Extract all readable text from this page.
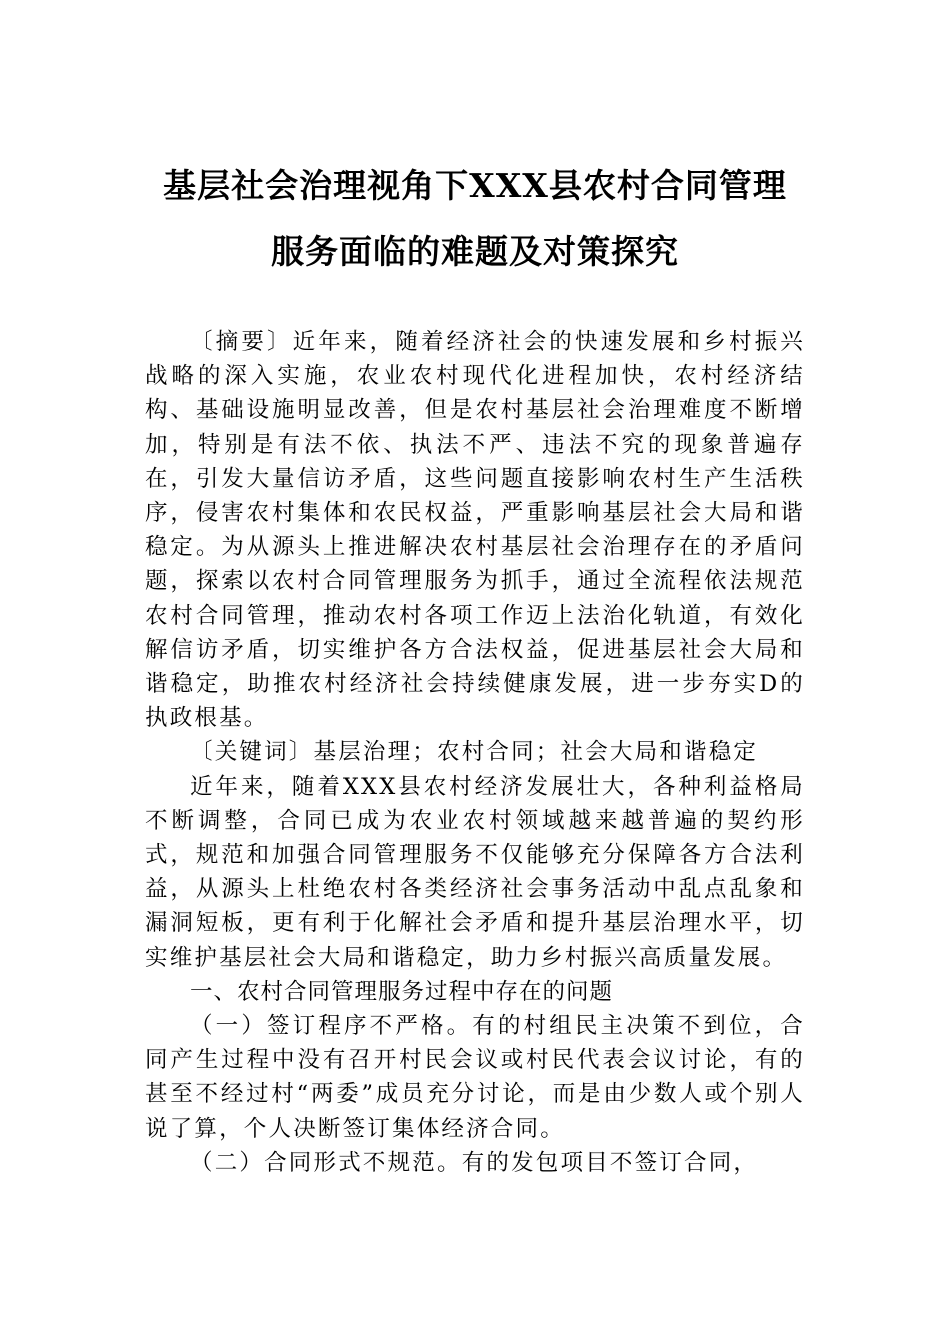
基层社会治理视角下XXX县农村合同管理
服务面临的难题及对策探究

〔摘要〕近年来，随着经济社会的快速发展和乡村振兴战略的深入实施，农业农村现代化进程加快，农村经济结构、基础设施明显改善，但是农村基层社会治理难度不断增加，特别是有法不依、执法不严、违法不究的现象普遍存在，引发大量信访矛盾，这些问题直接影响农村生产生活秩序，侵害农村集体和农民权益，严重影响基层社会大局和谐稳定。为从源头上推进解决农村基层社会治理存在的矛盾问题，探索以农村合同管理服务为抓手，通过全流程依法规范农村合同管理，推动农村各项工作迈上法治化轨道，有效化解信访矛盾，切实维护各方合法权益，促进基层社会大局和谐稳定，助推农村经济社会持续健康发展，进一步夯实D的执政根基。

〔关键词〕基层治理；农村合同；社会大局和谐稳定

近年来，随着XXX县农村经济发展壮大，各种利益格局不断调整，合同已成为农业农村领域越来越普遍的契约形式，规范和加强合同管理服务不仅能够充分保障各方合法利益，从源头上杜绝农村各类经济社会事务活动中乱点乱象和漏洞短板，更有利于化解社会矛盾和提升基层治理水平，切实维护基层社会大局和谐稳定，助力乡村振兴高质量发展。

一、农村合同管理服务过程中存在的问题

（一）签订程序不严格。有的村组民主决策不到位，合同产生过程中没有召开村民会议或村民代表会议讨论，有的甚至不经过村“两委”成员充分讨论，而是由少数人或个别人说了算，个人决断签订集体经济合同。

（二）合同形式不规范。有的发包项目不签订合同，
